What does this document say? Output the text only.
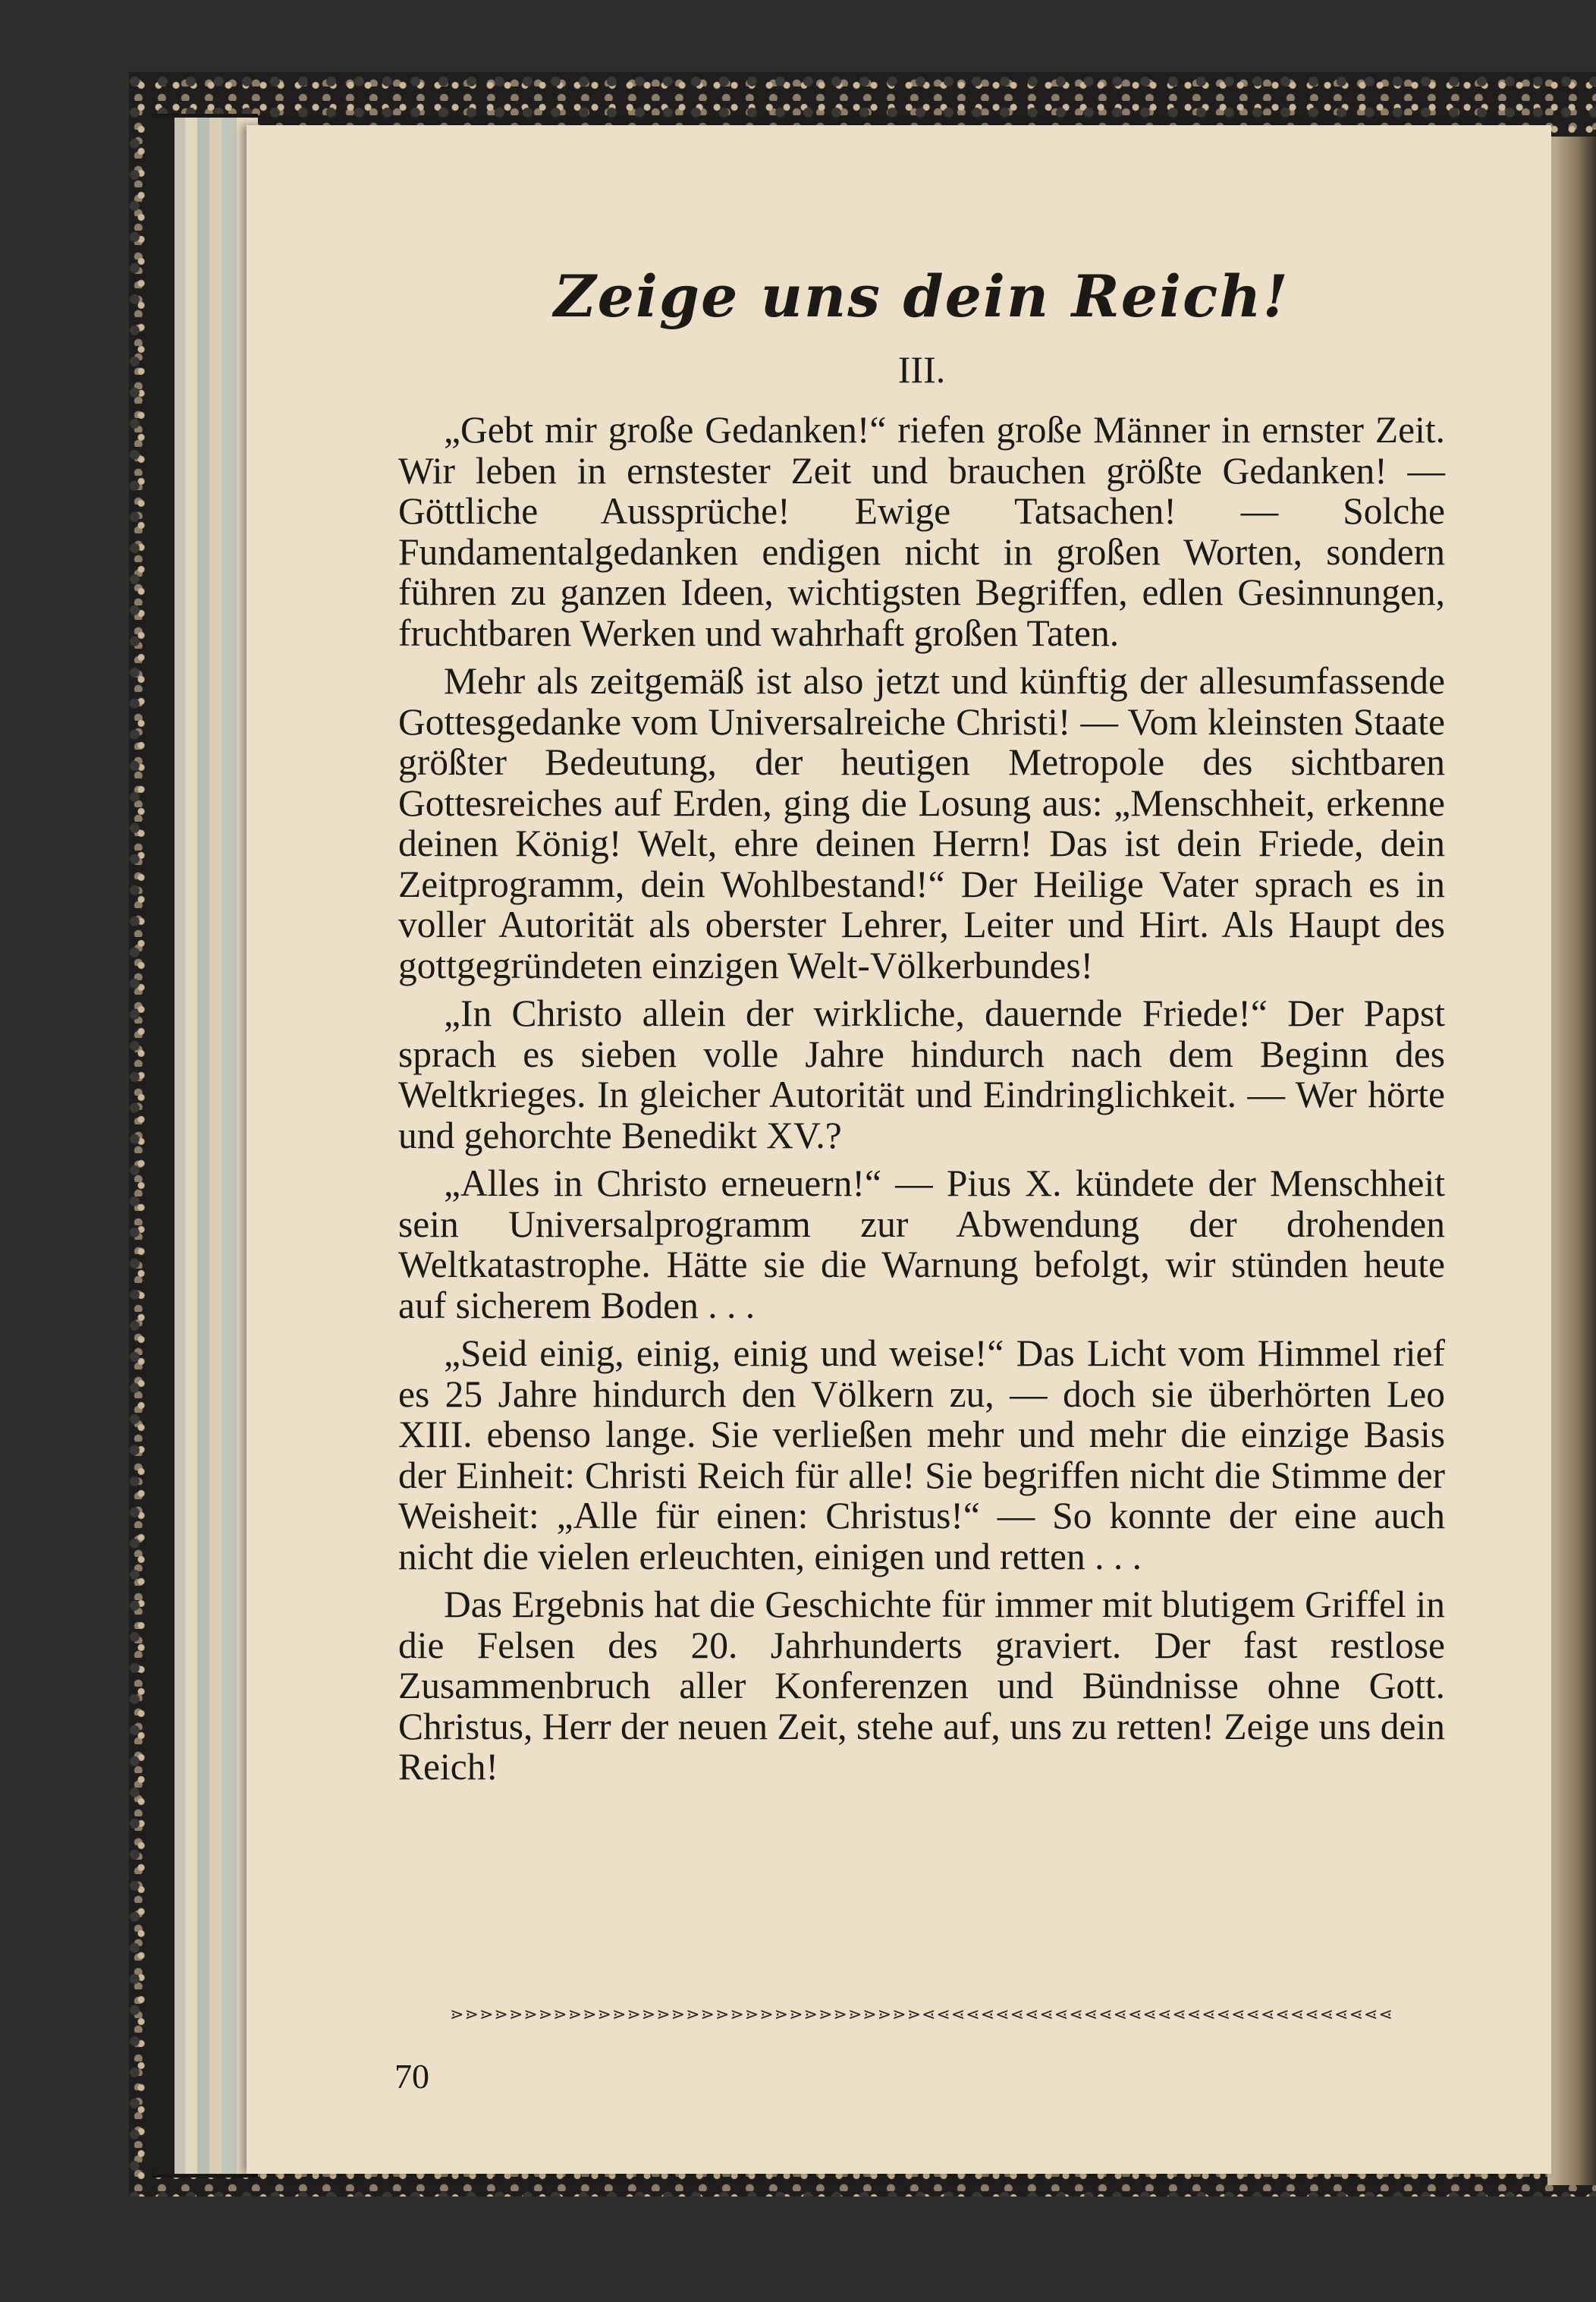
Zeige uns dein Reich!
III.

„Gebt mir große Gedanken!“ riefen große Männer in ernster Zeit. Wir leben in ernstester Zeit und brauchen größte Gedanken! — Göttliche Aussprüche! Ewige Tatsachen! — Solche Fundamentalgedanken endigen nicht in großen Worten, sondern führen zu ganzen Ideen, wichtigsten Begriffen, edlen Gesinnungen, fruchtbaren Werken und wahrhaft großen Taten.

Mehr als zeitgemäß ist also jetzt und künftig der allesumfassende Gottesgedanke vom Universalreiche Christi! — Vom kleinsten Staate größter Bedeutung, der heutigen Metropole des sichtbaren Gottesreiches auf Erden, ging die Losung aus: „Menschheit, erkenne deinen König! Welt, ehre deinen Herrn! Das ist dein Friede, dein Zeitprogramm, dein Wohlbestand!“ Der Heilige Vater sprach es in voller Autorität als oberster Lehrer, Leiter und Hirt. Als Haupt des gottgegründeten einzigen Welt-Völkerbundes!

„In Christo allein der wirkliche, dauernde Friede!“ Der Papst sprach es sieben volle Jahre hindurch nach dem Beginn des Weltkrieges. In gleicher Autorität und Eindringlichkeit. — Wer hörte und gehorchte Benedikt XV.?

„Alles in Christo erneuern!“ — Pius X. kündete der Menschheit sein Universalprogramm zur Abwendung der drohenden Weltkatastrophe. Hätte sie die Warnung befolgt, wir stünden heute auf sicherem Boden . . .

„Seid einig, einig, einig und weise!“ Das Licht vom Himmel rief es 25 Jahre hindurch den Völkern zu, — doch sie überhörten Leo XIII. ebenso lange. Sie verließen mehr und mehr die einzige Basis der Einheit: Christi Reich für alle! Sie begriffen nicht die Stimme der Weisheit: „Alle für einen: Christus!“ — So konnte der eine auch nicht die vielen erleuchten, einigen und retten . . .

Das Ergebnis hat die Geschichte für immer mit blutigem Griffel in die Felsen des 20. Jahrhunderts graviert. Der fast restlose Zusammenbruch aller Konferenzen und Bündnisse ohne Gott. Christus, Herr der neuen Zeit, stehe auf, uns zu retten! Zeige uns dein Reich!

⋗⋗⋗⋗⋗⋗⋗⋗⋗⋗⋗⋗⋗⋗⋗⋗⋗⋗⋗⋗⋗⋗⋗⋗⋗⋗⋗⋗⋗⋗⋗⋗⋖⋖⋖⋖⋖⋖⋖⋖⋖⋖⋖⋖⋖⋖⋖⋖⋖⋖⋖⋖⋖⋖⋖⋖⋖⋖⋖⋖⋖⋖⋖⋖
70
